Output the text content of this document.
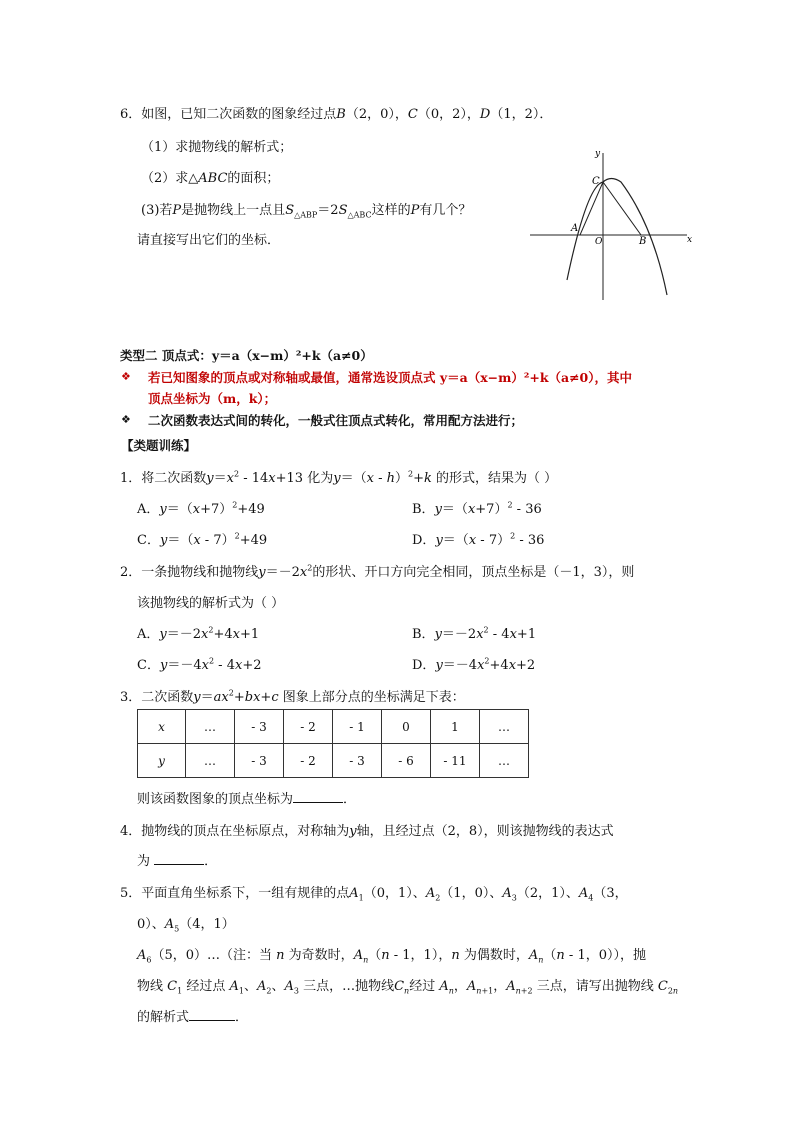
6．如图，已知二次函数的图象经过点B（2，0），C（0，2），D（1，2）．
（1）求抛物线的解析式；
（2）求△ABC的面积；
(3)若P是抛物线上一点且$S_{\triangle ABP}=2S_{\triangle ABC}$这样的P有几个？
请直接写出它们的坐标．
y
x
C
A
O	B
类型二 顶点式：y＝a（x−m）²+k（a≠0）
❖ 若已知图象的顶点或对称轴或最值，通常选设顶点式 y＝a（x−m）²+k（a≠0），其中
顶点坐标为（m，k）；
❖ 二次函数表达式间的转化，一般式往顶点式转化，常用配方法进行；
【类题训练】
1．将二次函数$y=x^2 - 14x+13$ 化为y＝（x - h）$^2$+k 的形式，结果为（ ）
A．$y=(x+7)^2+49$	B．$y=(x+7)^2 - 36$
C．y＝（x - 7）$^2$+49	D．y＝（x - 7）$^2$ - 36
2．一条抛物线和抛物线$y=-2x^2$的形状、开口方向完全相同，顶点坐标是（－1，3），则
该抛物线的解析式为（ ）
A．$y=-2x^2+4x+1$	B．$y=-2x^2 - 4x+1$
C．$y=-4x^2 - 4x+2$	D．$y=-4x^2+4x+2$
3．二次函数$y=ax^2+bx+c$ 图象上部分点的坐标满足下表：
x	…	- 3	- 2	- 1	0	1	…
y	…	- 3	- 2	- 3	- 6	- 11	…
则该函数图象的顶点坐标为	．
4．抛物线的顶点在坐标原点，对称轴为y轴，且经过点（2，8），则该抛物线的表达式
为	．
5．平面直角坐标系下，一组有规律的点$A_1(0$，1）、$A_2(1$，0）、$A_3(2$，1）、$A_4(3$，
0）、$A_5(4$，1）
$A_6(5$，0）…（注：当 n 为奇数时，$A_n(n - 1$，1），n 为偶数时，$A_n(n - 1$，0）），抛
物线 $C_1$ 经过点 $A_1$、$A_2$、$A_3$ 三点，…抛物线$C_n$经过 $A_n$，$A_{n+1}$，$A_{n+2}$ 三点，请写出抛物线 $C_{2n}$
的解析式	．
